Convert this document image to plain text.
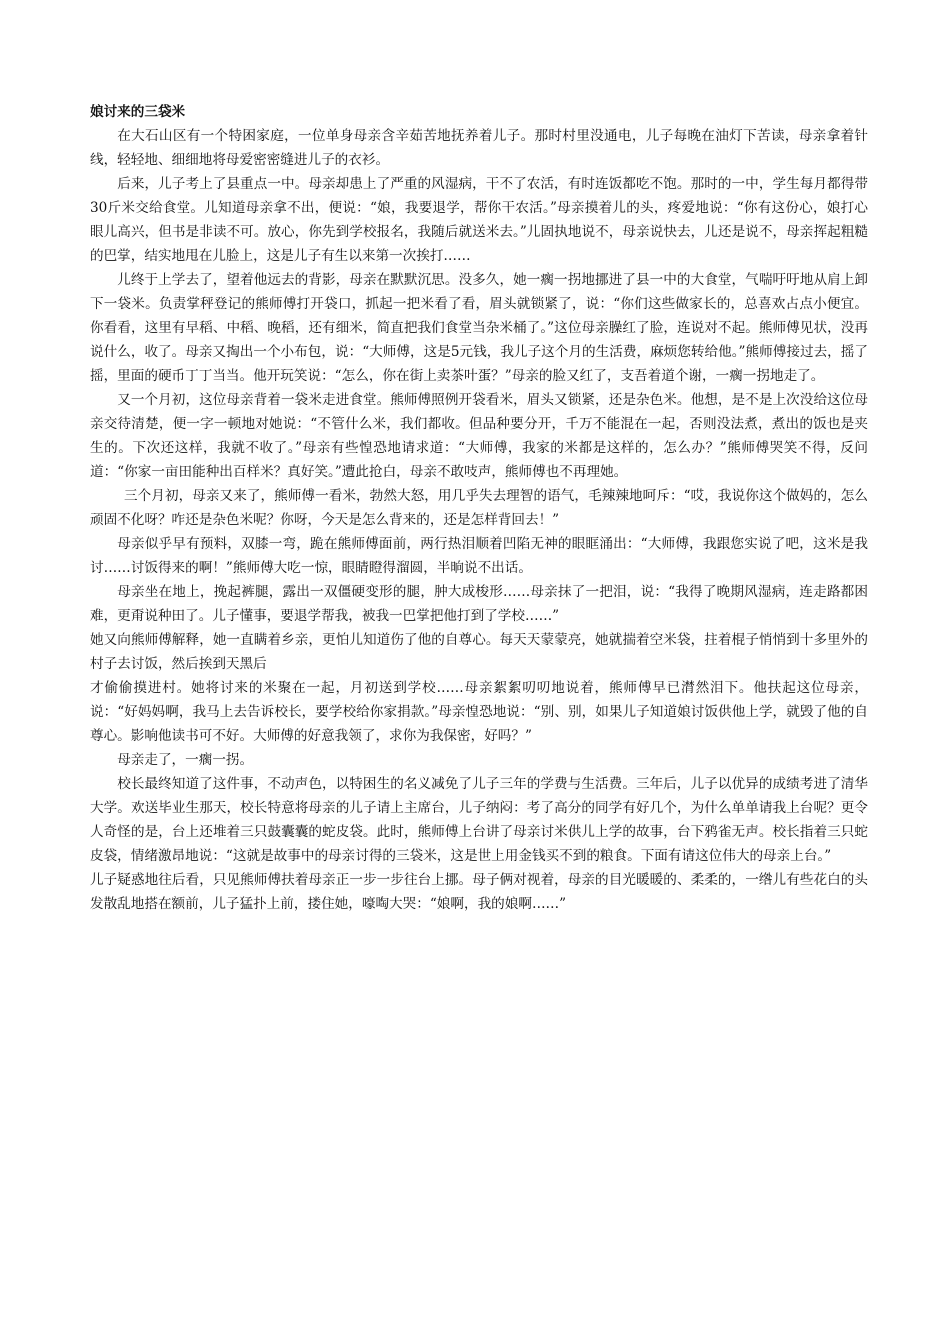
娘讨来的三袋米

在大石山区有一个特困家庭，一位单身母亲含辛茹苦地抚养着儿子。那时村里没通电，儿子每晚在油灯下苦读，母亲拿着针线，轻轻地、细细地将母爱密密缝进儿子的衣衫。

后来，儿子考上了县重点一中。母亲却患上了严重的风湿病，干不了农活，有时连饭都吃不饱。那时的一中，学生每月都得带30斤米交给食堂。儿知道母亲拿不出，便说：“娘，我要退学，帮你干农活。”母亲摸着儿的头，疼爱地说：“你有这份心，娘打心眼儿高兴，但书是非读不可。放心，你先到学校报名，我随后就送米去。”儿固执地说不，母亲说快去，儿还是说不，母亲挥起粗糙的巴掌，结实地甩在儿脸上，这是儿子有生以来第一次挨打……

儿终于上学去了，望着他远去的背影，母亲在默默沉思。没多久，她一瘸一拐地挪进了县一中的大食堂，气喘吁吁地从肩上卸下一袋米。负责掌秤登记的熊师傅打开袋口，抓起一把米看了看，眉头就锁紧了，说：“你们这些做家长的，总喜欢占点小便宜。你看看，这里有早稻、中稻、晚稻，还有细米，简直把我们食堂当杂米桶了。”这位母亲臊红了脸，连说对不起。熊师傅见状，没再说什么，收了。母亲又掏出一个小布包，说：“大师傅，这是5元钱，我儿子这个月的生活费，麻烦您转给他。”熊师傅接过去，摇了摇，里面的硬币丁丁当当。他开玩笑说：“怎么，你在街上卖茶叶蛋？”母亲的脸又红了，支吾着道个谢，一瘸一拐地走了。

又一个月初，这位母亲背着一袋米走进食堂。熊师傅照例开袋看米，眉头又锁紧，还是杂色米。他想，是不是上次没给这位母亲交待清楚，便一字一顿地对她说：“不管什么米，我们都收。但品种要分开，千万不能混在一起，否则没法煮，煮出的饭也是夹生的。下次还这样，我就不收了。”母亲有些惶恐地请求道：“大师傅，我家的米都是这样的，怎么办？”熊师傅哭笑不得，反问道：“你家一亩田能种出百样米？真好笑。”遭此抢白，母亲不敢吱声，熊师傅也不再理她。

三个月初，母亲又来了，熊师傅一看米，勃然大怒，用几乎失去理智的语气，毛辣辣地呵斥：“哎，我说你这个做妈的，怎么顽固不化呀？咋还是杂色米呢？你呀，今天是怎么背来的，还是怎样背回去！”

母亲似乎早有预料，双膝一弯，跪在熊师傅面前，两行热泪顺着凹陷无神的眼眶涌出：“大师傅，我跟您实说了吧，这米是我讨……讨饭得来的啊！”熊师傅大吃一惊，眼睛瞪得溜圆，半晌说不出话。

母亲坐在地上，挽起裤腿，露出一双僵硬变形的腿，肿大成梭形……母亲抹了一把泪，说：“我得了晚期风湿病，连走路都困难，更甭说种田了。儿子懂事，要退学帮我，被我一巴掌把他打到了学校……”

她又向熊师傅解释，她一直瞒着乡亲，更怕儿知道伤了他的自尊心。每天天蒙蒙亮，她就揣着空米袋，拄着棍子悄悄到十多里外的村子去讨饭，然后挨到天黑后

才偷偷摸进村。她将讨来的米聚在一起，月初送到学校……母亲絮絮叨叨地说着，熊师傅早已潸然泪下。他扶起这位母亲，说：“好妈妈啊，我马上去告诉校长，要学校给你家捐款。”母亲惶恐地说：“别、别，如果儿子知道娘讨饭供他上学，就毁了他的自尊心。影响他读书可不好。大师傅的好意我领了，求你为我保密，好吗？”

母亲走了，一瘸一拐。

校长最终知道了这件事，不动声色，以特困生的名义减免了儿子三年的学费与生活费。三年后，儿子以优异的成绩考进了清华大学。欢送毕业生那天，校长特意将母亲的儿子请上主席台，儿子纳闷：考了高分的同学有好几个，为什么单单请我上台呢？更令人奇怪的是，台上还堆着三只鼓囊囊的蛇皮袋。此时，熊师傅上台讲了母亲讨米供儿上学的故事，台下鸦雀无声。校长指着三只蛇皮袋，情绪激昂地说：“这就是故事中的母亲讨得的三袋米，这是世上用金钱买不到的粮食。下面有请这位伟大的母亲上台。”

儿子疑惑地往后看，只见熊师傅扶着母亲正一步一步往台上挪。母子俩对视着，母亲的目光暖暖的、柔柔的，一绺儿有些花白的头发散乱地搭在额前，儿子猛扑上前，搂住她，嚎啕大哭：“娘啊，我的娘啊……”
